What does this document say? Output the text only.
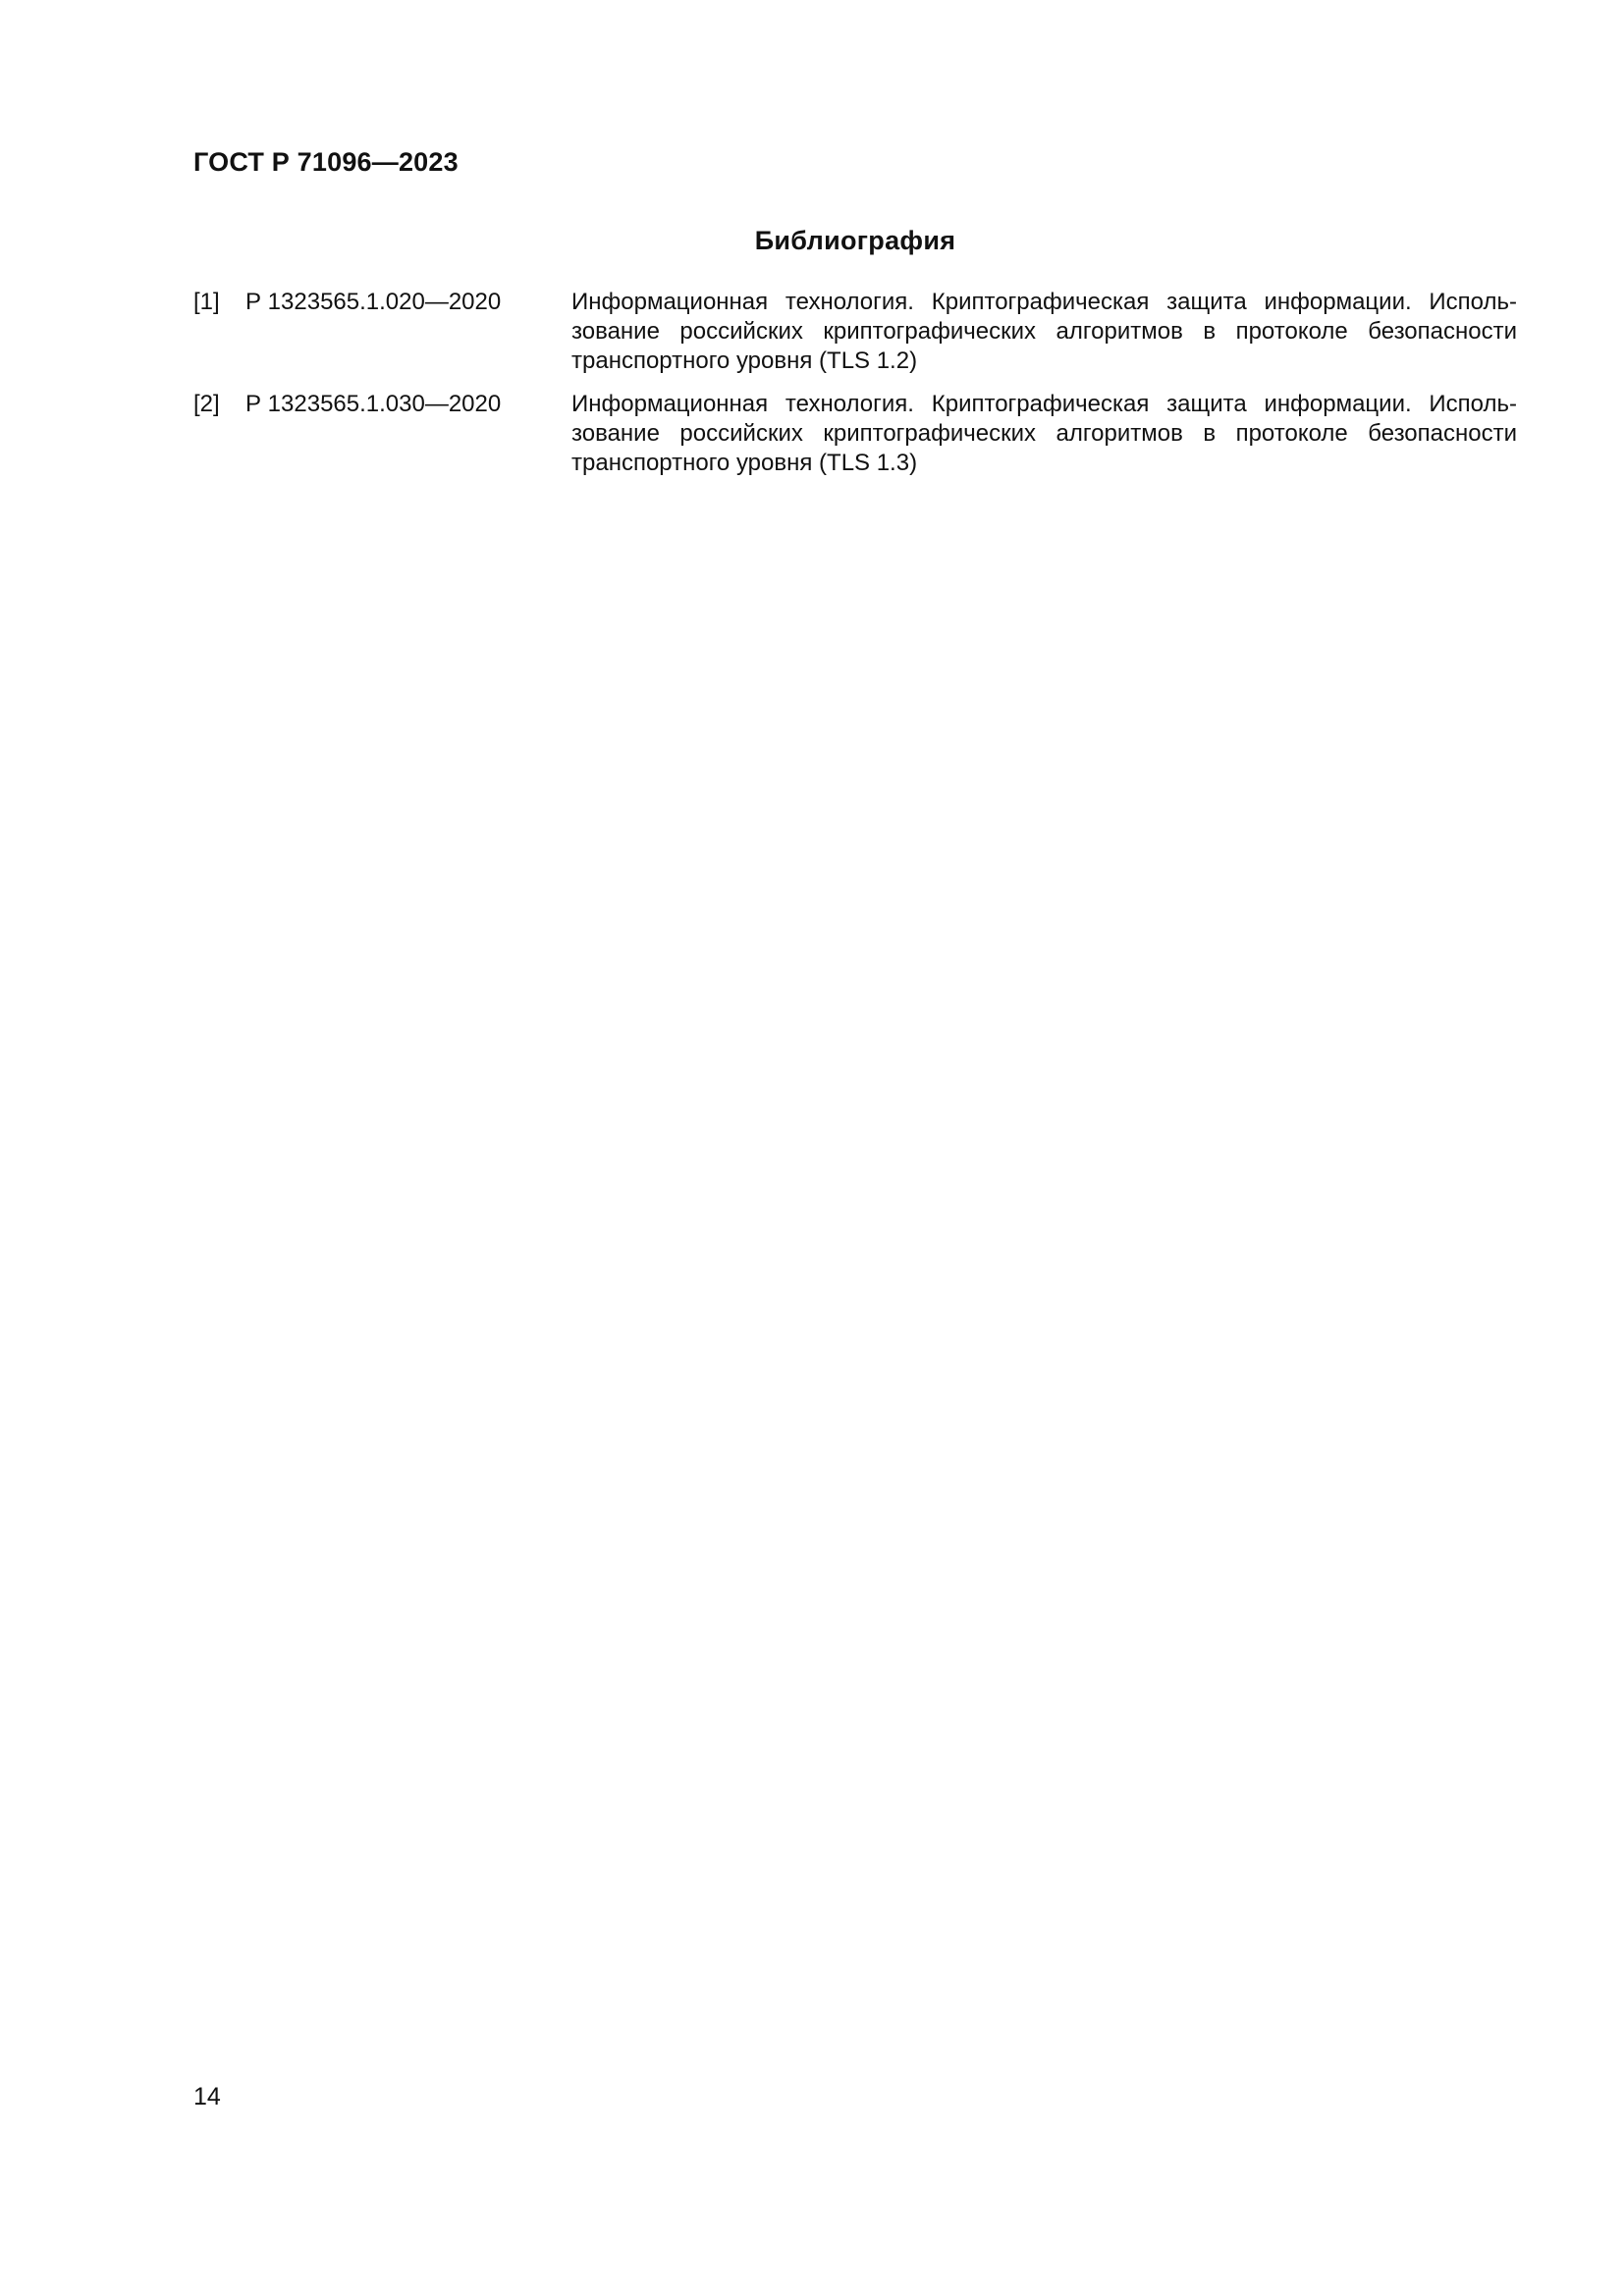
ГОСТ Р 71096—2023
Библиография
[1] Р 1323565.1.020—2020	Информационная технология. Криптографическая защита информации. Исполь-зование российских криптографических алгоритмов в протоколе безопасности транспортного уровня (TLS 1.2)
[2] Р 1323565.1.030—2020	Информационная технология. Криптографическая защита информации. Исполь-зование российских криптографических алгоритмов в протоколе безопасности транспортного уровня (TLS 1.3)
14
